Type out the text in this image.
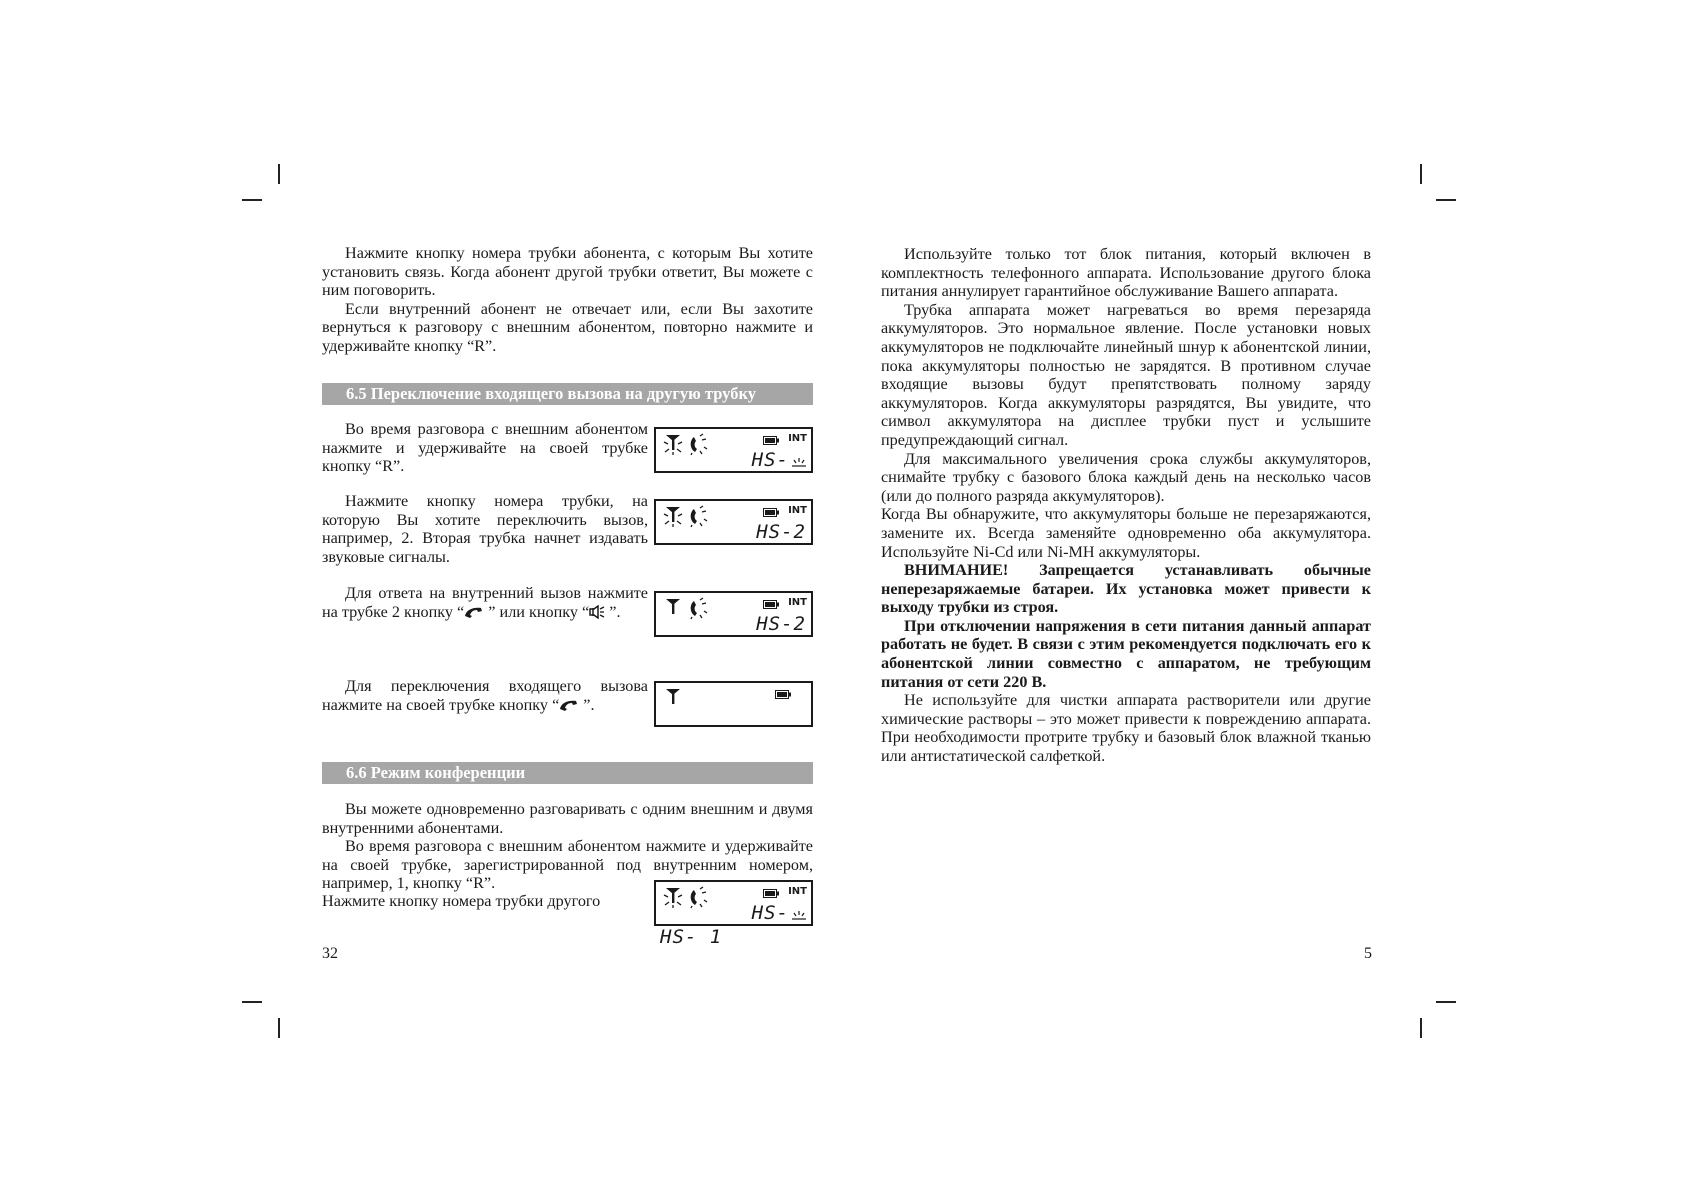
Нажмите кнопку номера трубки абонента, с которым Вы хотите установить связь. Когда абонент другой трубки ответит, Вы можете с ним поговорить.

Если внутренний абонент не отвечает или, если Вы захотите вернуться к разговору с внешним абонентом, повторно нажмите и удерживайте кнопку “R”.

6.5 Переключение входящего вызова на другую трубку

Во время разговора с внешним абонентом нажмите и удерживайте на своей трубке кнопку “R”.

INT
HS-

Нажмите кнопку номера трубки, на которую Вы хотите переключить вызов, например, 2. Вторая трубка начнет издавать звуковые сигналы.

INT
HS-2

Для ответа на внутренний вызов нажмите на трубке 2 кнопку “ ” или кнопку “ ”.

INT
HS-2

Для переключения входящего вызова нажмите на своей трубке кнопку “ ”.

HS- 1
6.6 Режим конференции

Вы можете одновременно разговаривать с одним внешним и двумя внутренними абонентами.

Во время разговора с внешним абонентом нажмите и удерживайте на своей трубке, зарегистрированной под внутренним номером, например, 1, кнопку “R”.

Нажмите кнопку номера трубки другого

INT
HS-
32

Используйте только тот блок питания, который включен в комплектность телефонного аппарата. Использование другого блока питания аннулирует гарантийное обслуживание Вашего аппарата.

Трубка аппарата может нагреваться во время перезаряда аккумуляторов. Это нормальное явление. После установки новых аккумуляторов не подключайте линейный шнур к абонентской линии, пока аккумуляторы полностью не зарядятся. В противном случае входящие вызовы будут препятствовать полному заряду аккумуляторов. Когда аккумуляторы разрядятся, Вы увидите, что символ аккумулятора на дисплее трубки пуст и услышите предупреждающий сигнал.

Для максимального увеличения срока службы аккумуляторов, снимайте трубку с базового блока каждый день на несколько часов (или до полного разряда аккумуляторов).

Когда Вы обнаружите, что аккумуляторы больше не перезаряжаются, замените их. Всегда заменяйте одновременно оба аккумулятора. Используйте Ni-Cd или Ni-MH аккумуляторы.

ВНИМАНИЕ! Запрещается устанавливать обычные неперезаряжаемые батареи. Их установка может привести к выходу трубки из строя.

При отключении напряжения в сети питания данный аппарат работать не будет. В связи с этим рекомендуется подключать его к абонентской линии совместно с аппаратом, не требующим питания от сети 220 В.

Не используйте для чистки аппарата растворители или другие химические растворы – это может привести к повреждению аппарата. При необходимости протрите трубку и базовый блок влажной тканью или антистатической салфеткой.

5
